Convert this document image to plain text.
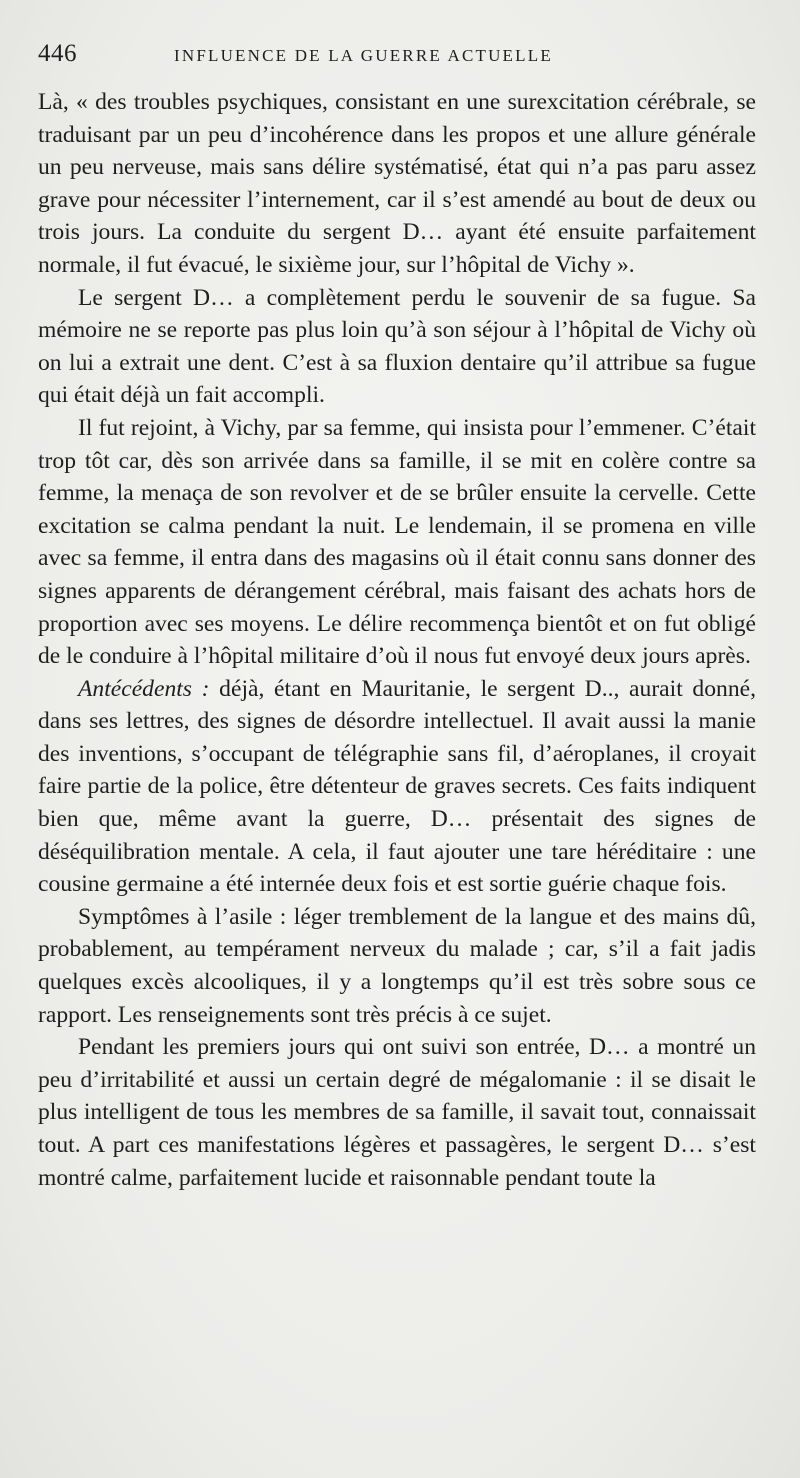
446	INFLUENCE DE LA GUERRE ACTUELLE

Là, « des troubles psychiques, consistant en une surexcitation cérébrale, se traduisant par un peu d’incohérence dans les propos et une allure générale un peu nerveuse, mais sans délire systématisé, état qui n’a pas paru assez grave pour nécessiter l’internement, car il s’est amendé au bout de deux ou trois jours. La conduite du sergent D… ayant été ensuite parfaitement normale, il fut évacué, le sixième jour, sur l’hôpital de Vichy ».

Le sergent D… a complètement perdu le souvenir de sa fugue. Sa mémoire ne se reporte pas plus loin qu’à son séjour à l’hôpital de Vichy où on lui a extrait une dent. C’est à sa fluxion dentaire qu’il attribue sa fugue qui était déjà un fait accompli.

Il fut rejoint, à Vichy, par sa femme, qui insista pour l’emmener. C’était trop tôt car, dès son arrivée dans sa famille, il se mit en colère contre sa femme, la menaça de son revolver et de se brûler ensuite la cervelle. Cette excitation se calma pendant la nuit. Le lendemain, il se promena en ville avec sa femme, il entra dans des magasins où il était connu sans donner des signes apparents de dérangement cérébral, mais faisant des achats hors de proportion avec ses moyens. Le délire recommença bientôt et on fut obligé de le conduire à l’hôpital militaire d’où il nous fut envoyé deux jours après.

Antécédents : déjà, étant en Mauritanie, le sergent D.., aurait donné, dans ses lettres, des signes de désordre intellectuel. Il avait aussi la manie des inventions, s’occupant de télégraphie sans fil, d’aéroplanes, il croyait faire partie de la police, être détenteur de graves secrets. Ces faits indiquent bien que, même avant la guerre, D… présentait des signes de déséquilibration mentale. A cela, il faut ajouter une tare héréditaire : une cousine germaine a été internée deux fois et est sortie guérie chaque fois.

Symptômes à l’asile : léger tremblement de la langue et des mains dû, probablement, au tempérament nerveux du malade ; car, s’il a fait jadis quelques excès alcooliques, il y a longtemps qu’il est très sobre sous ce rapport. Les renseignements sont très précis à ce sujet.

Pendant les premiers jours qui ont suivi son entrée, D… a montré un peu d’irritabilité et aussi un certain degré de mégalomanie : il se disait le plus intelligent de tous les membres de sa famille, il savait tout, connaissait tout. A part ces manifestations légères et passagères, le sergent D… s’est montré calme, parfaitement lucide et raisonnable pendant toute la
